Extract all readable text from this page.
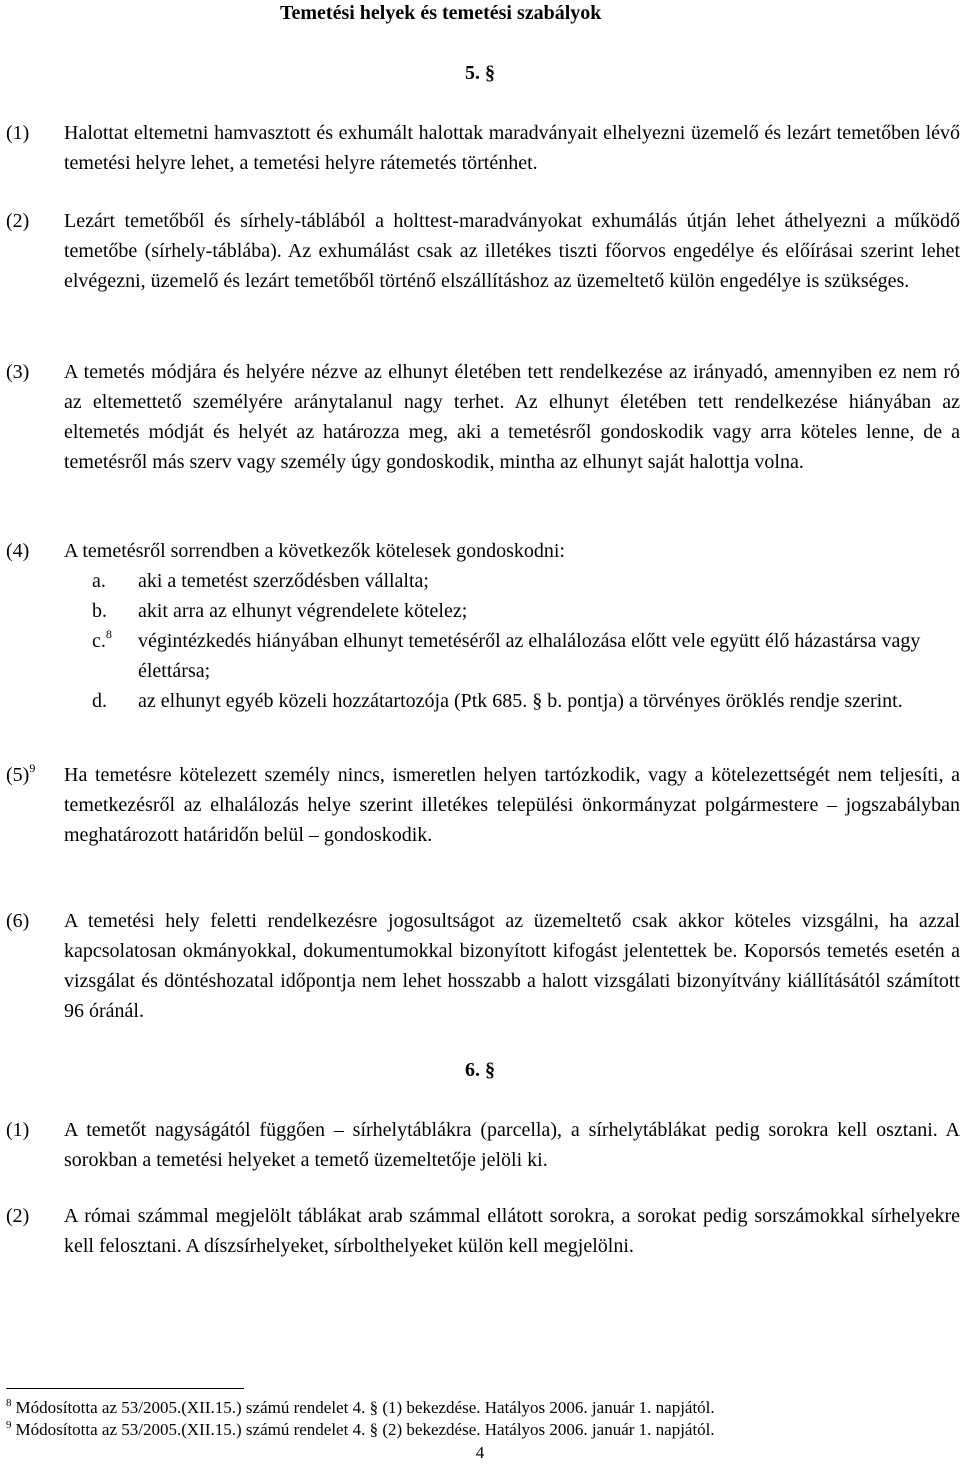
Temetési helyek és temetési szabályok
5. §
(1) Halottat eltemetni hamvasztott és exhumált halottak maradványait elhelyezni üzemelő és lezárt temetőben lévő temetési helyre lehet, a temetési helyre rátemetés történhet.
(2) Lezárt temetőből és sírhely-táblából a holttest-maradványokat exhumálás útján lehet áthelyezni a működő temetőbe (sírhely-táblába). Az exhumálást csak az illetékes tiszti főorvos engedélye és előírásai szerint lehet elvégezni, üzemelő és lezárt temetőből történő elszállításhoz az üzemeltető külön engedélye is szükséges.
(3) A temetés módjára és helyére nézve az elhunyt életében tett rendelkezése az irányadó, amennyiben ez nem ró az eltemettető személyére aránytalanul nagy terhet. Az elhunyt életében tett rendelkezése hiányában az eltemetés módját és helyét az határozza meg, aki a temetésről gondoskodik vagy arra köteles lenne, de a temetésről más szerv vagy személy úgy gondoskodik, mintha az elhunyt saját halottja volna.
(4) A temetésről sorrendben a következők kötelesek gondoskodni:
a. aki a temetést szerződésben vállalta;
b. akit arra az elhunyt végrendelete kötelez;
c.$^8$ végintézkedés hiányában elhunyt temetéséről az elhalálozása előtt vele együtt élő házastársa vagy élettársa;
d. az elhunyt egyéb közeli hozzátartozója (Ptk 685. § b. pontja) a törvényes öröklés rendje szerint.
$(5)^9$ Ha temetésre kötelezett személy nincs, ismeretlen helyen tartózkodik, vagy a kötelezettségét nem teljesíti, a temetkezésről az elhalálozás helye szerint illetékes települési önkormányzat polgármestere – jogszabályban meghatározott határidőn belül – gondoskodik.
(6) A temetési hely feletti rendelkezésre jogosultságot az üzemeltető csak akkor köteles vizsgálni, ha azzal kapcsolatosan okmányokkal, dokumentumokkal bizonyított kifogást jelentettek be. Koporsós temetés esetén a vizsgálat és döntéshozatal időpontja nem lehet hosszabb a halott vizsgálati bizonyítvány kiállításától számított 96 óránál.
6. §
(1) A temetőt nagyságától függően – sírhelytáblákra (parcella), a sírhelytáblákat pedig sorokra kell osztani. A sorokban a temetési helyeket a temető üzemeltetője jelöli ki.
(2) A római számmal megjelölt táblákat arab számmal ellátott sorokra, a sorokat pedig sorszámokkal sírhelyekre kell felosztani. A díszsírhelyeket, sírbolthelyeket külön kell megjelölni.
$^8$ Módosította az 53/2005.(XII.15.) számú rendelet 4. § (1) bekezdése. Hatályos 2006. január 1. napjától.
$^9$ Módosította az 53/2005.(XII.15.) számú rendelet 4. § (2) bekezdése. Hatályos 2006. január 1. napjától.
4
